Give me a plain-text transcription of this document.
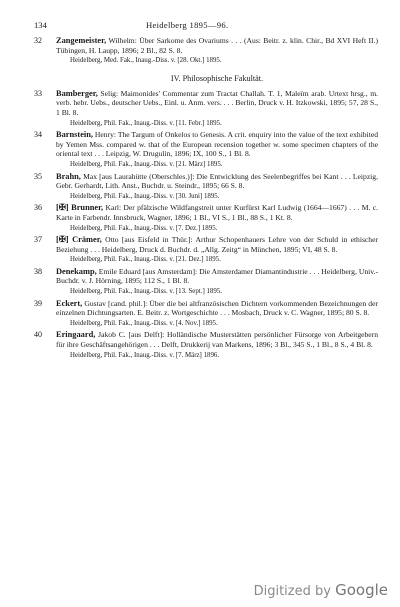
134	Heidelberg 1895—96.
32 Zangemeister, Wilhelm: Über Sarkome des Ovariums . . . (Aus: Beitr. z. klin. Chir., Bd XVI Heft II.) Tübingen, H. Laupp, 1896; 2 Bl., 82 S. 8.
Heidelberg, Med. Fak., Inaug.-Diss. v. [28. Okt.] 1895.
IV. Philosophische Fakultät.
33 Bamberger, Selig: Maimonides' Commentar zum Tractat Challah. T. 1, Maleïm arab. Urtext hrsg., m. verb. hebr. Uebs., deutscher Uebs., Einl. u. Anm. vers. . . . Berlin, Druck v. H. Itzkowski, 1895; 57, 28 S., 1 Bl. 8.
Heidelberg, Phil. Fak., Inaug.-Diss. v. [11. Febr.] 1895.
34 Barnstein, Henry: The Targum of Onkelos to Genesis. A crit. enquiry into the value of the text exhibited by Yemen Mss. compared w. that of the European recension together w. some specimen chapters of the oriental text . . . Leipzig, W. Drugulin, 1896; IX, 100 S., 1 Bl. 8.
Heidelberg, Phil. Fak., Inaug.-Diss. v. [21. März] 1895.
35 Brahn, Max [aus Laurahütte (Oberschles.)]: Die Entwicklung des Seelenbegriffes bei Kant . . . Leipzig, Gebr. Gerhardt, Lith. Anst., Buchdr. u. Steindr., 1895; 66 S. 8.
Heidelberg, Phil. Fak., Inaug.-Diss. v. [30. Juni] 1895.
36 [✠] Brunner, Karl: Der pfälzische Wildfangstreit unter Kurfürst Karl Ludwig (1664—1667) . . . M. c. Karte in Farbendr. Innsbruck, Wagner, 1896; 1 Bl., VI S., 1 Bl., 88 S., 1 Kt. 8.
Heidelberg, Phil. Fak., Inaug.-Diss. v. [7. Dez.] 1895.
37 [✠] Crämer, Otto [aus Eisfeld in Thür.]: Arthur Schopenhauers Lehre von der Schuld in ethischer Beziehung . . . Heidelberg, Druck d. Buchdr. d. „Allg. Zeitg“ in München, 1895; VI, 48 S. 8.
Heidelberg, Phil. Fak., Inaug.-Diss. v. [21. Dez.] 1895.
38 Denekamp, Emile Eduard [aus Amsterdam]: Die Amsterdamer Diamantindustrie . . . Heidelberg, Univ.-Buchdr. v. J. Hörning, 1895; 112 S., 1 Bl. 8.
Heidelberg, Phil. Fak., Inaug.-Diss. v. [13. Sept.] 1895.
39 Eckert, Gustav [cand. phil.]: Über die bei altfranzösischen Dichtern vorkommenden Bezeichnungen der einzelnen Dichtungsarten. E. Beitr. z. Wortgeschichte . . . Mosbach, Druck v. C. Wagner, 1895; 80 S. 8.
Heidelberg, Phil. Fak., Inaug.-Diss. v. [4. Nov.] 1895.
40 Eringaard, Jakob C. [aus Delft]: Holländische Musterstätten persönlicher Fürsorge von Arbeitgebern für ihre Geschäftsangehörigen . . . Delft, Drukkerij van Markens, 1896; 3 Bl., 345 S., 1 Bl., 8 S., 4 Bl. 8.
Heidelberg, Phil. Fak., Inaug.-Diss. v. [7. März] 1896.
Digitized by Google
